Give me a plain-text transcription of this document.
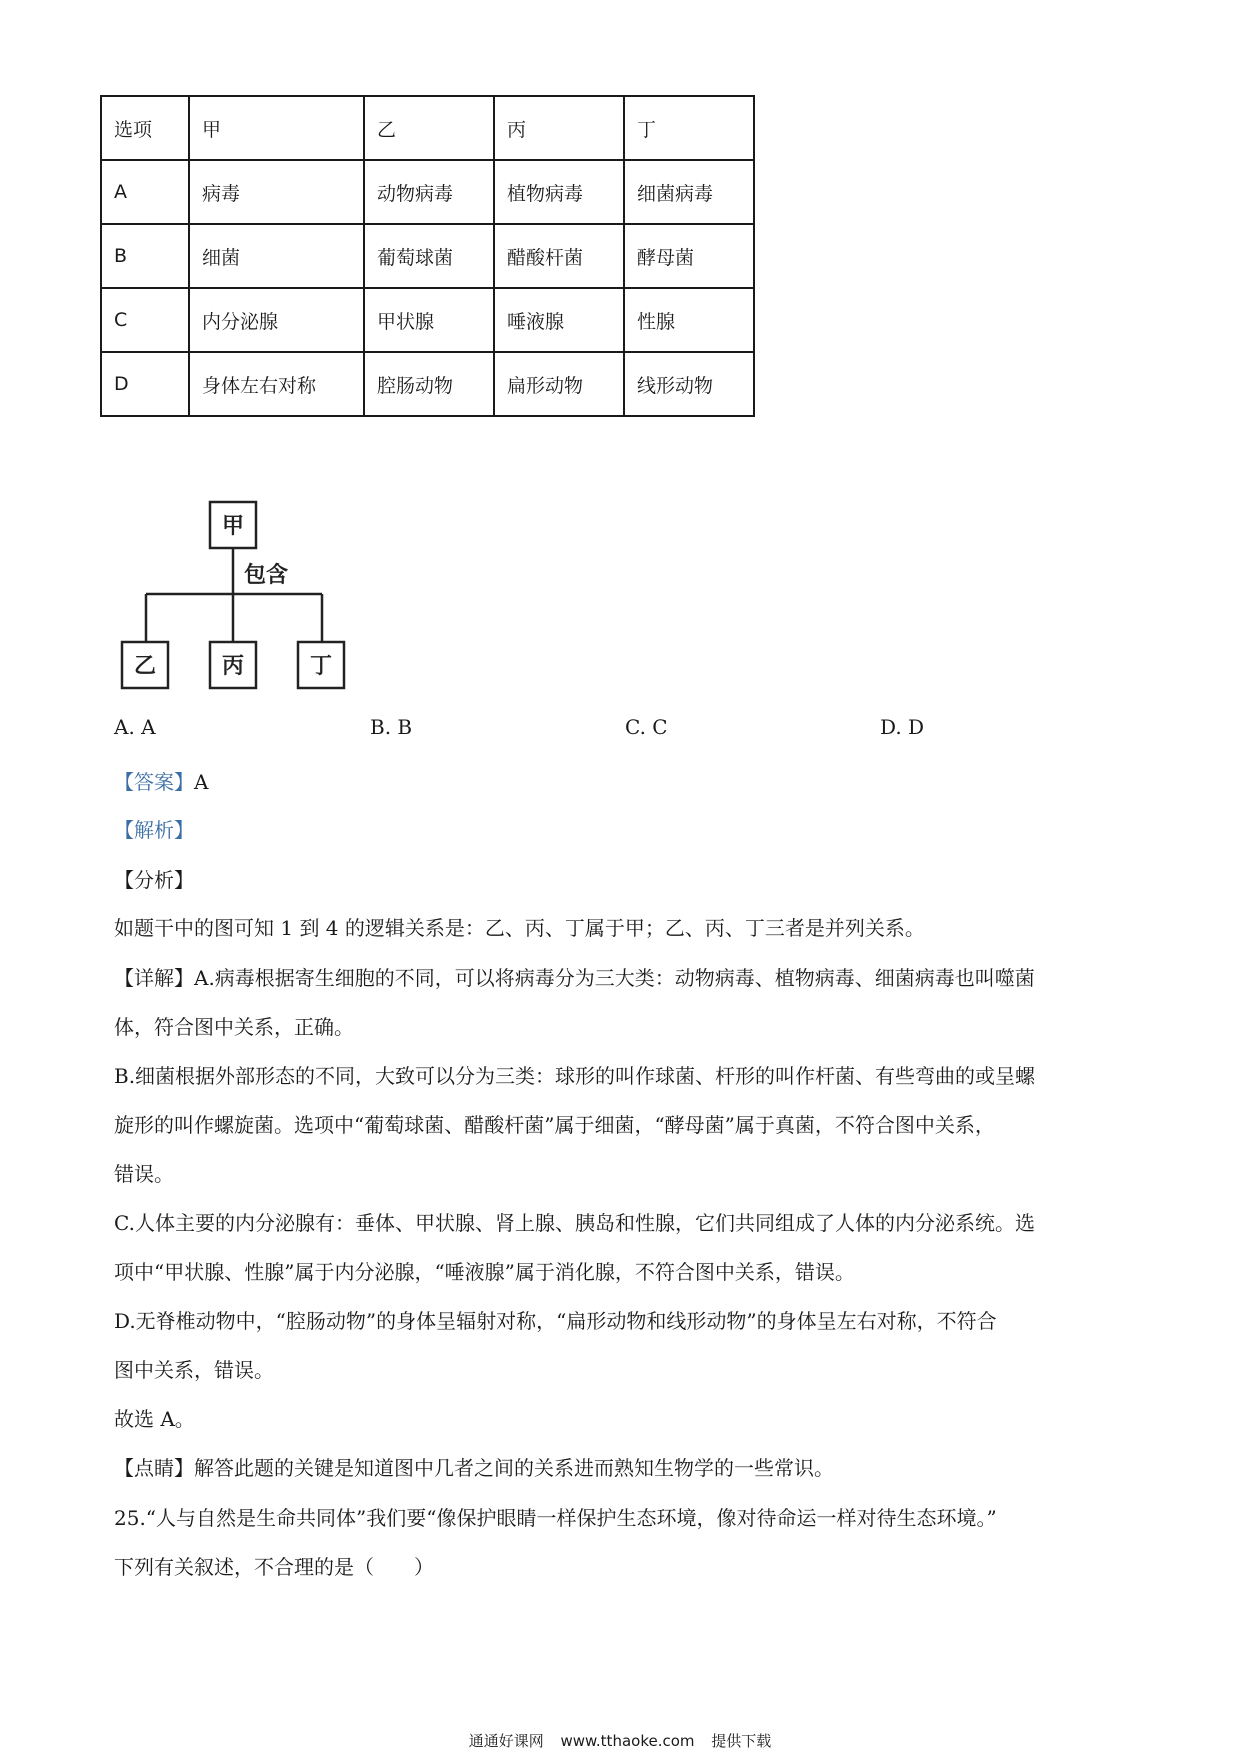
选项	甲	乙	丙	丁
A	病毒	动物病毒	植物病毒	细菌病毒
B	细菌	葡萄球菌	醋酸杆菌	酵母菌
C	内分泌腺	甲状腺	唾液腺	性腺
D	身体左右对称	腔肠动物	扁形动物	线形动物
甲
包含
乙	丙	丁
A. A	B. B	C. C	D. D
【答案】A
【解析】
【分析】
如题干中的图可知 1 到 4 的逻辑关系是：乙、丙、丁属于甲；乙、丙、丁三者是并列关系。
【详解】A.病毒根据寄生细胞的不同，可以将病毒分为三大类：动物病毒、植物病毒、细菌病毒也叫噬菌
体，符合图中关系，正确。
B.细菌根据外部形态的不同，大致可以分为三类：球形的叫作球菌、杆形的叫作杆菌、有些弯曲的或呈螺
旋形的叫作螺旋菌。选项中“葡萄球菌、醋酸杆菌”属于细菌，“酵母菌”属于真菌，不符合图中关系，
错误。
C.人体主要的内分泌腺有：垂体、甲状腺、肾上腺、胰岛和性腺，它们共同组成了人体的内分泌系统。选
项中“甲状腺、性腺”属于内分泌腺，“唾液腺”属于消化腺，不符合图中关系，错误。
D.无脊椎动物中，“腔肠动物”的身体呈辐射对称，“扁形动物和线形动物”的身体呈左右对称，不符合
图中关系，错误。
故选 A。
【点睛】解答此题的关键是知道图中几者之间的关系进而熟知生物学的一些常识。
25.“人与自然是生命共同体”我们要“像保护眼睛一样保护生态环境，像对待命运一样对待生态环境。”
下列有关叙述，不合理的是（　　）
通通好课网 www.tthaoke.com 提供下载
